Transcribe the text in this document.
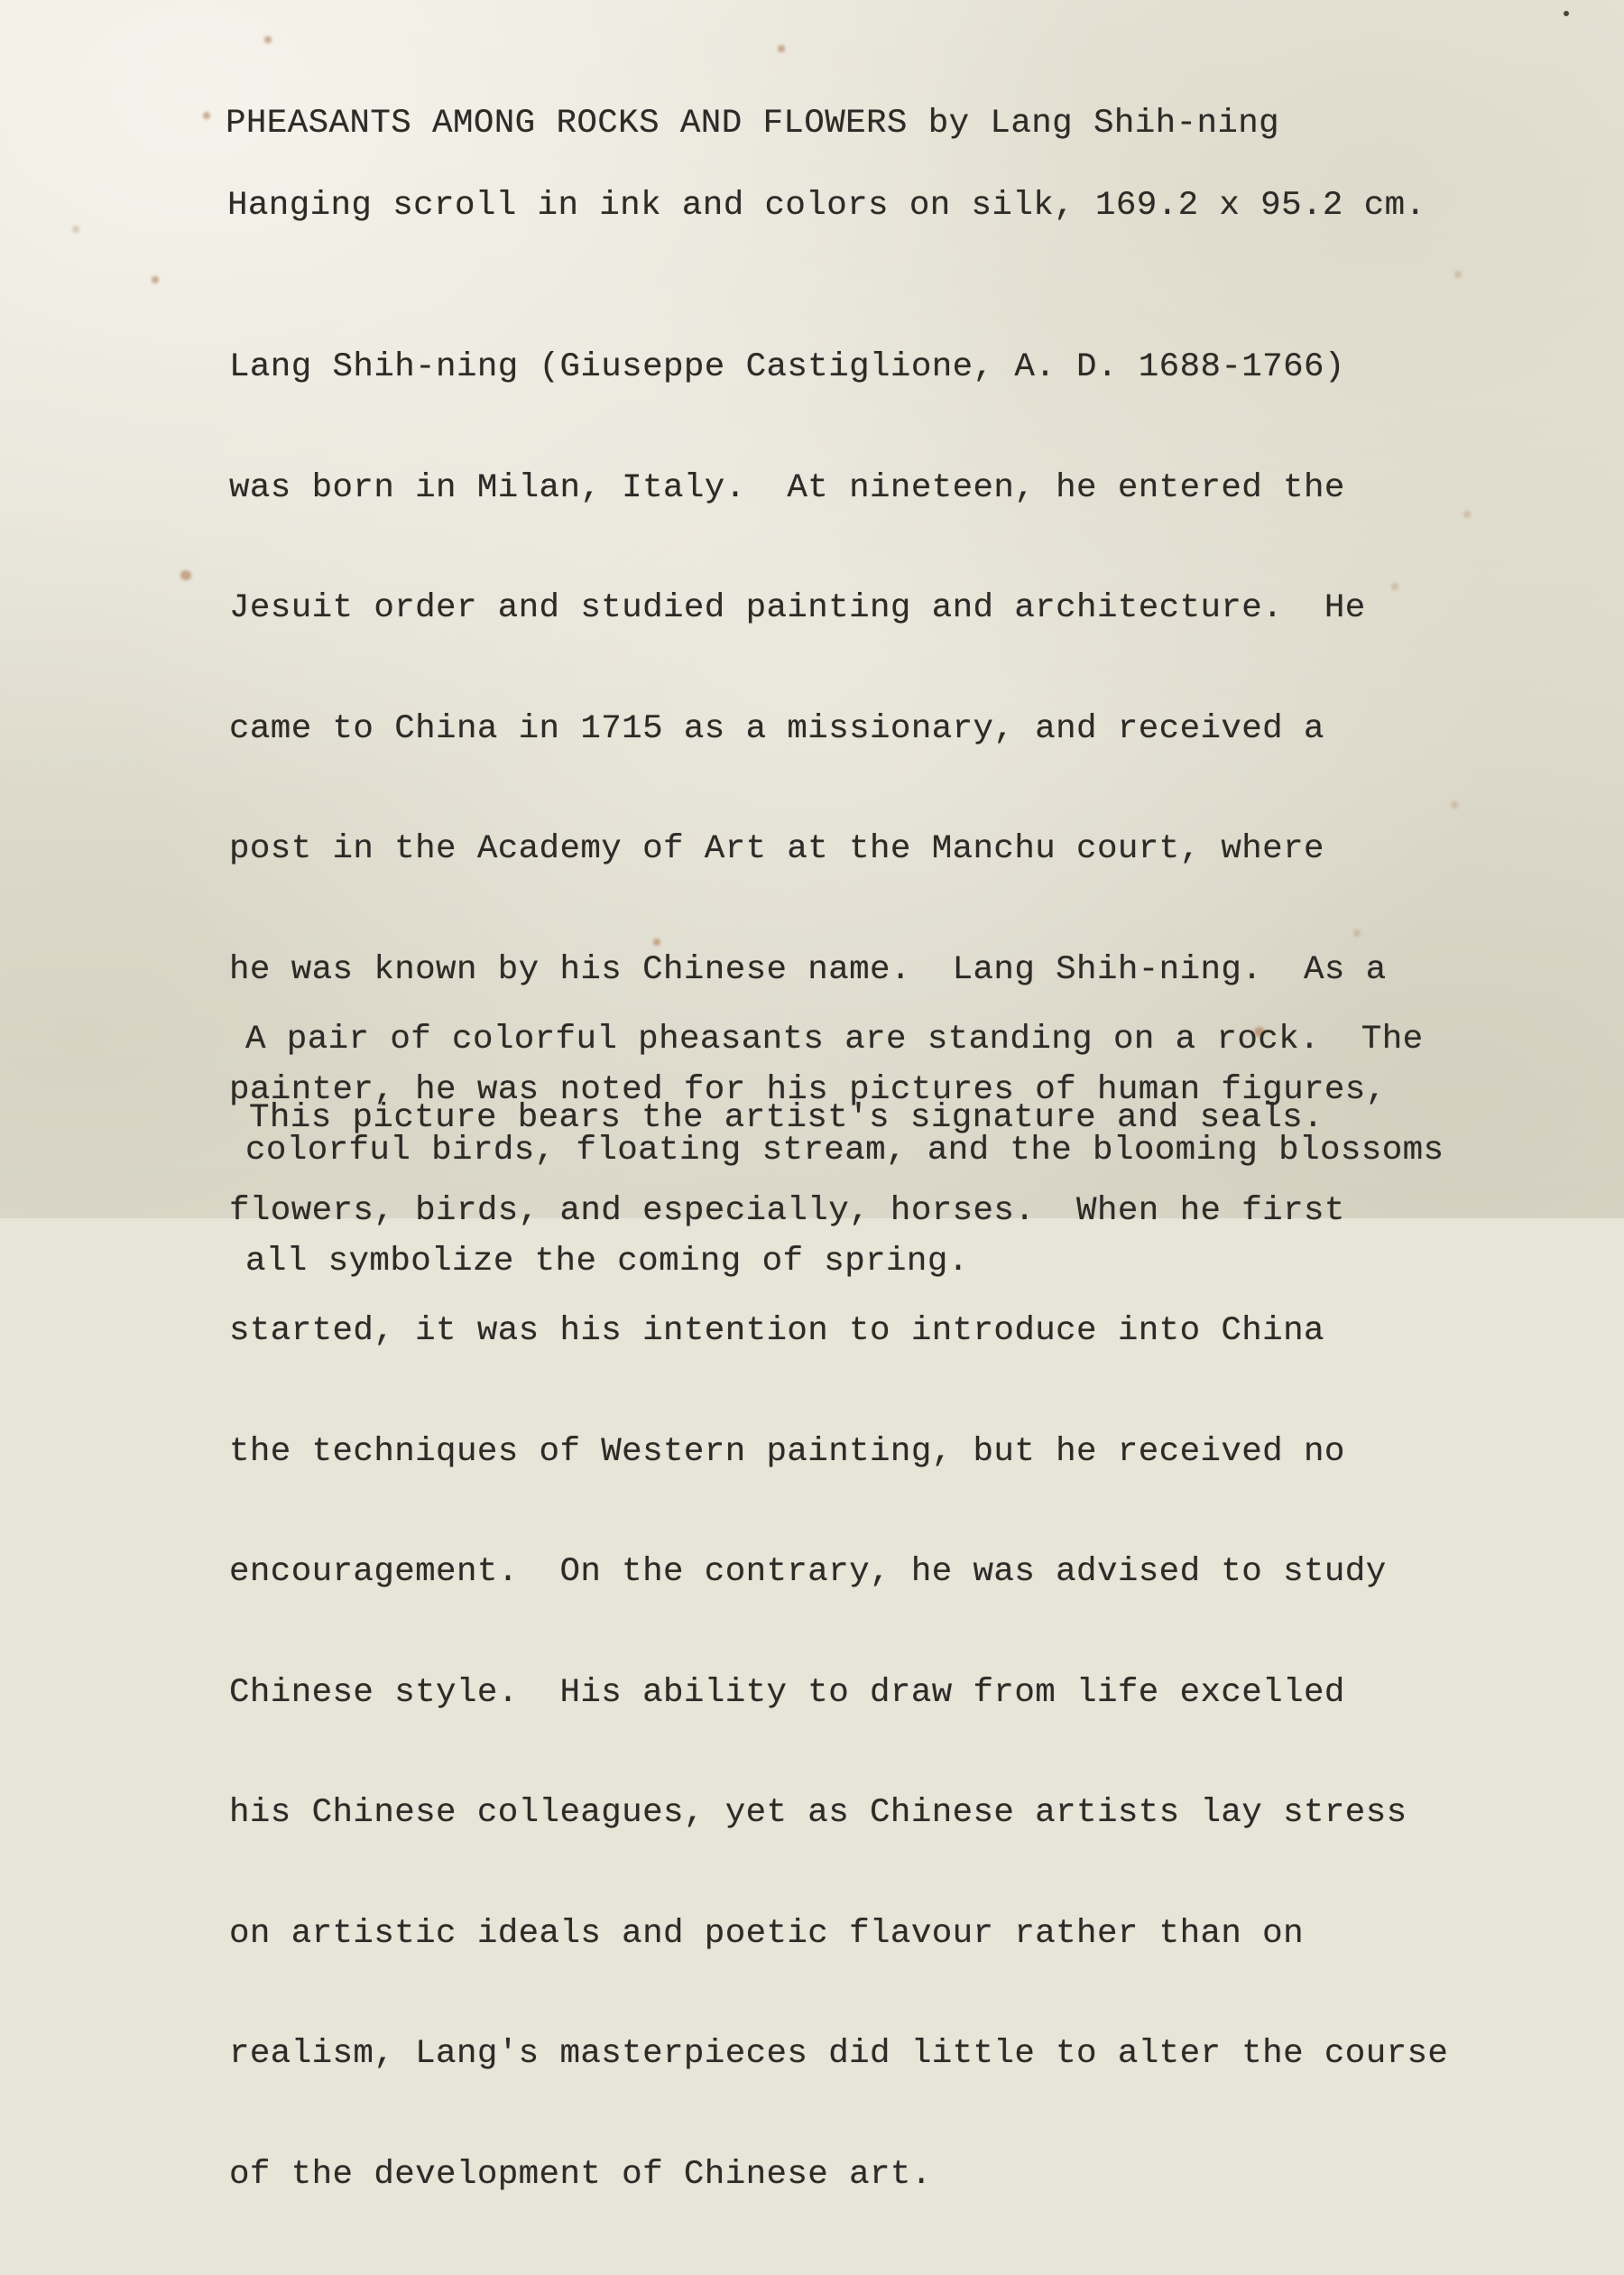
PHEASANTS AMONG ROCKS AND FLOWERS by Lang Shih-ning

Hanging scroll in ink and colors on silk, 169.2 x 95.2 cm.

Lang Shih-ning (Giuseppe Castiglione, A. D. 1688-1766)

was born in Milan, Italy.  At nineteen, he entered the

Jesuit order and studied painting and architecture.  He

came to China in 1715 as a missionary, and received a

post in the Academy of Art at the Manchu court, where

he was known by his Chinese name.  Lang Shih-ning.  As a

painter, he was noted for his pictures of human figures,

flowers, birds, and especially, horses.  When he first

started, it was his intention to introduce into China

the techniques of Western painting, but he received no

encouragement.  On the contrary, he was advised to study

Chinese style.  His ability to draw from life excelled

his Chinese colleagues, yet as Chinese artists lay stress

on artistic ideals and poetic flavour rather than on

realism, Lang's masterpieces did little to alter the course

of the development of Chinese art.

A pair of colorful pheasants are standing on a rock.  The

colorful birds, floating stream, and the blooming blossoms

all symbolize the coming of spring.

This picture bears the artist's signature and seals.
